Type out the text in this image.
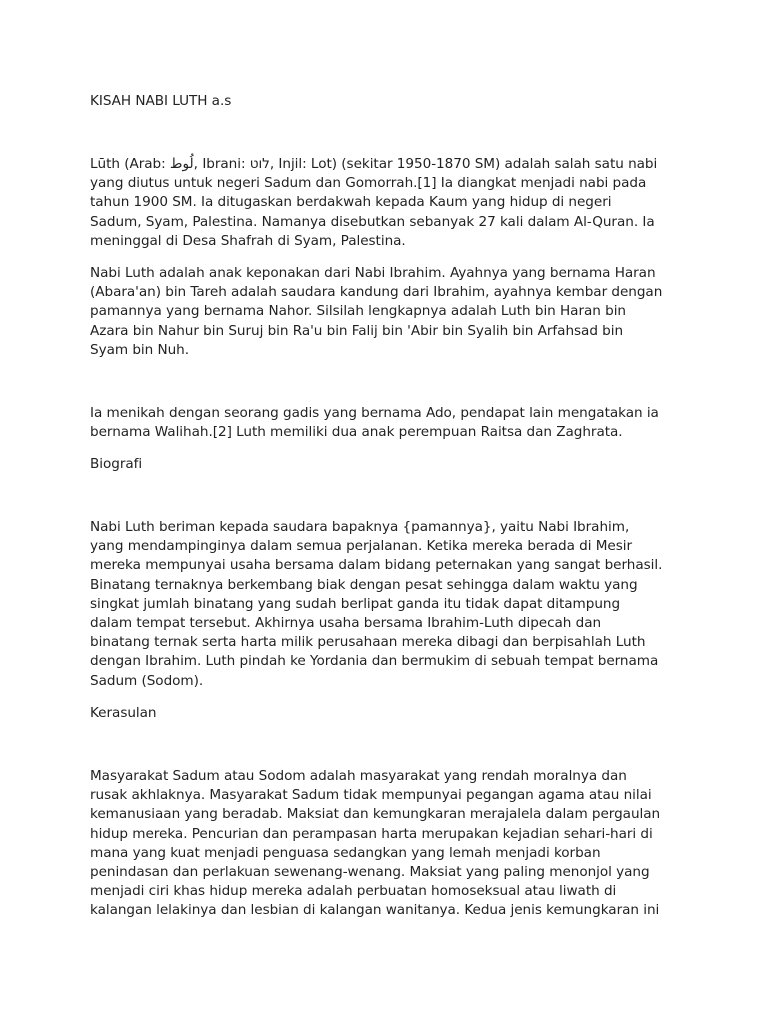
KISAH NABI LUTH a.s
Lūth (Arab: لُوط, Ibrani: לוט, Injil: Lot) (sekitar 1950-1870 SM) adalah salah satu nabi
yang diutus untuk negeri Sadum dan Gomorrah.[1] Ia diangkat menjadi nabi pada
tahun 1900 SM. Ia ditugaskan berdakwah kepada Kaum yang hidup di negeri
Sadum, Syam, Palestina. Namanya disebutkan sebanyak 27 kali dalam Al-Quran. Ia
meninggal di Desa Shafrah di Syam, Palestina.
Nabi Luth adalah anak keponakan dari Nabi Ibrahim. Ayahnya yang bernama Haran
(Abara'an) bin Tareh adalah saudara kandung dari Ibrahim, ayahnya kembar dengan
pamannya yang bernama Nahor. Silsilah lengkapnya adalah Luth bin Haran bin
Azara bin Nahur bin Suruj bin Ra'u bin Falij bin 'Abir bin Syalih bin Arfahsad bin
Syam bin Nuh.
Ia menikah dengan seorang gadis yang bernama Ado, pendapat lain mengatakan ia
bernama Walihah.[2] Luth memiliki dua anak perempuan Raitsa dan Zaghrata.
Biografi
Nabi Luth beriman kepada saudara bapaknya {pamannya}, yaitu Nabi Ibrahim,
yang mendampinginya dalam semua perjalanan. Ketika mereka berada di Mesir
mereka mempunyai usaha bersama dalam bidang peternakan yang sangat berhasil.
Binatang ternaknya berkembang biak dengan pesat sehingga dalam waktu yang
singkat jumlah binatang yang sudah berlipat ganda itu tidak dapat ditampung
dalam tempat tersebut. Akhirnya usaha bersama Ibrahim-Luth dipecah dan
binatang ternak serta harta milik perusahaan mereka dibagi dan berpisahlah Luth
dengan Ibrahim. Luth pindah ke Yordania dan bermukim di sebuah tempat bernama
Sadum (Sodom).
Kerasulan
Masyarakat Sadum atau Sodom adalah masyarakat yang rendah moralnya dan
rusak akhlaknya. Masyarakat Sadum tidak mempunyai pegangan agama atau nilai
kemanusiaan yang beradab. Maksiat dan kemungkaran merajalela dalam pergaulan
hidup mereka. Pencurian dan perampasan harta merupakan kejadian sehari-hari di
mana yang kuat menjadi penguasa sedangkan yang lemah menjadi korban
penindasan dan perlakuan sewenang-wenang. Maksiat yang paling menonjol yang
menjadi ciri khas hidup mereka adalah perbuatan homoseksual atau liwath di
kalangan lelakinya dan lesbian di kalangan wanitanya. Kedua jenis kemungkaran ini
